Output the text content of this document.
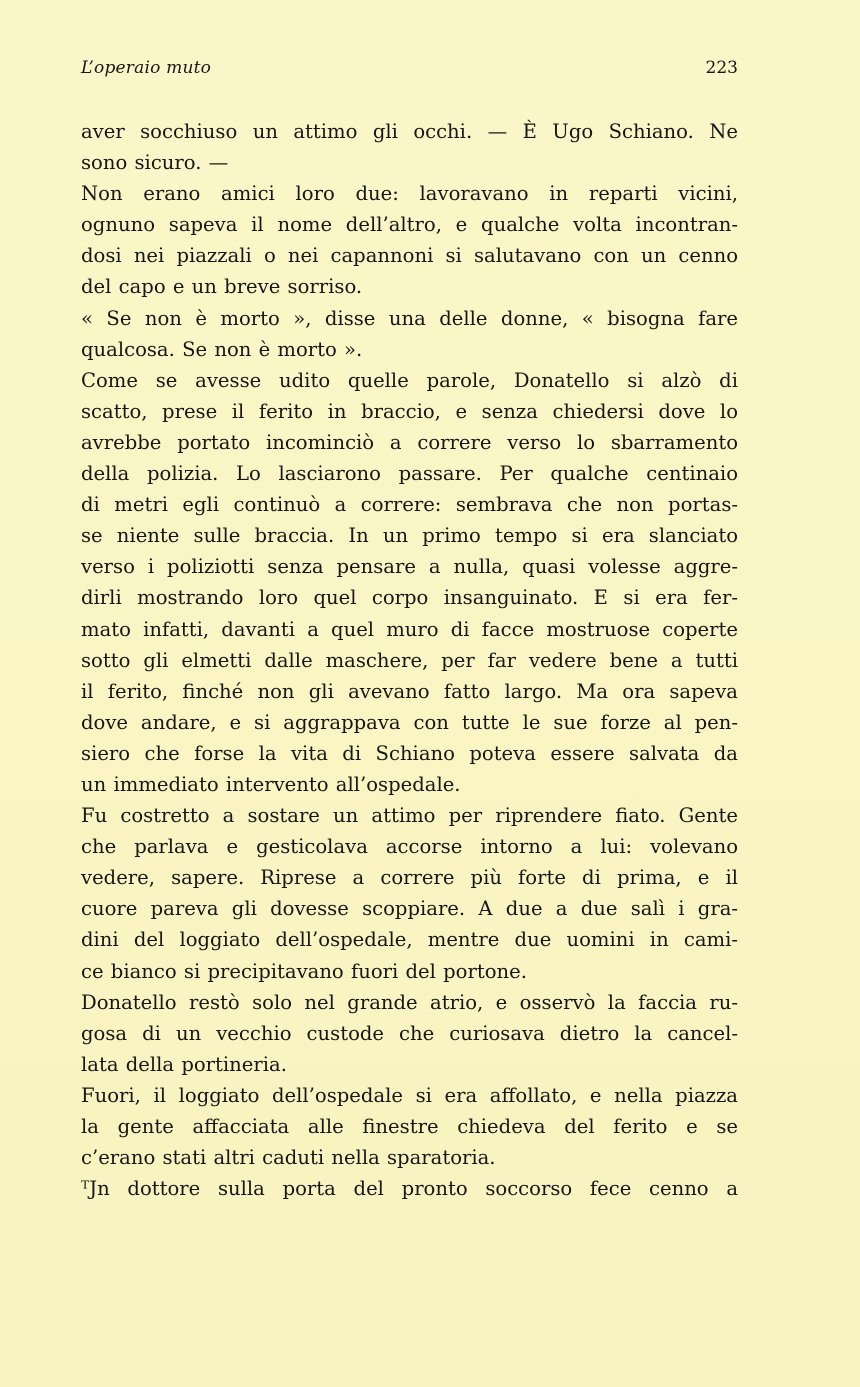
L’operaio muto	223
aver socchiuso un attimo gli occhi. — È Ugo Schiano. Ne
sono sicuro. —
Non erano amici loro due: lavoravano in reparti vicini,
ognuno sapeva il nome dell’altro, e qualche volta incontran-
dosi nei piazzali o nei capannoni si salutavano con un cenno
del capo e un breve sorriso.
« Se non è morto », disse una delle donne, « bisogna fare
qualcosa. Se non è morto ».
Come se avesse udito quelle parole, Donatello si alzò di
scatto, prese il ferito in braccio, e senza chiedersi dove lo
avrebbe portato incominciò a correre verso lo sbarramento
della polizia. Lo lasciarono passare. Per qualche centinaio
di metri egli continuò a correre: sembrava che non portas-
se niente sulle braccia. In un primo tempo si era slanciato
verso i poliziotti senza pensare a nulla, quasi volesse aggre-
dirli mostrando loro quel corpo insanguinato. E si era fer-
mato infatti, davanti a quel muro di facce mostruose coperte
sotto gli elmetti dalle maschere, per far vedere bene a tutti
il ferito, finché non gli avevano fatto largo. Ma ora sapeva
dove andare, e si aggrappava con tutte le sue forze al pen-
siero che forse la vita di Schiano poteva essere salvata da
un immediato intervento all’ospedale.
Fu costretto a sostare un attimo per riprendere fiato. Gente
che parlava e gesticolava accorse intorno a lui: volevano
vedere, sapere. Riprese a correre più forte di prima, e il
cuore pareva gli dovesse scoppiare. A due a due salì i gra-
dini del loggiato dell’ospedale, mentre due uomini in cami-
ce bianco si precipitavano fuori del portone.
Donatello restò solo nel grande atrio, e osservò la faccia ru-
gosa di un vecchio custode che curiosava dietro la cancel-
lata della portineria.
Fuori, il loggiato dell’ospedale si era affollato, e nella piazza
la gente affacciata alle finestre chiedeva del ferito e se
c’erano stati altri caduti nella sparatoria.
ᵀJn dottore sulla porta del pronto soccorso fece cenno a
